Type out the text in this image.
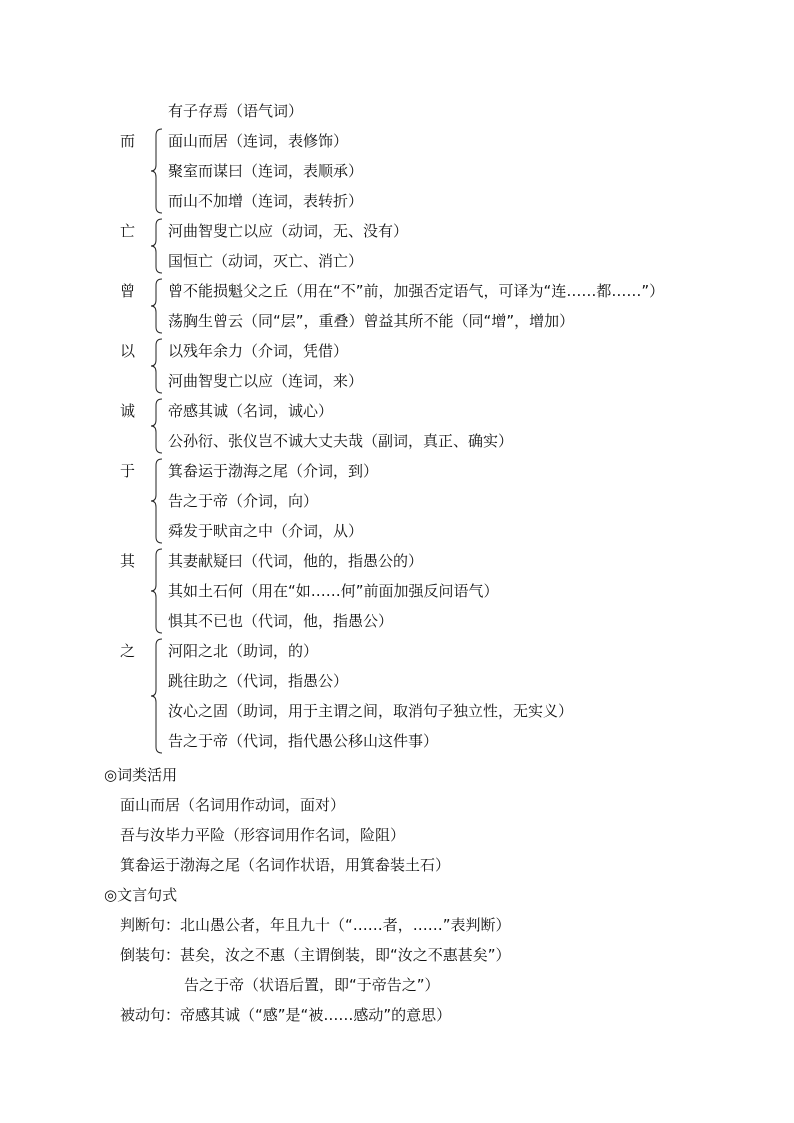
有子存焉（语气词）
而 面山而居（连词，表修饰）
聚室而谋曰（连词，表顺承）
而山不加增（连词，表转折）
亡 河曲智叟亡以应（动词，无、没有）
国恒亡（动词，灭亡、消亡）
曾 曾不能损魁父之丘（用在“不”前，加强否定语气，可译为“连……都……”）
荡胸生曾云（同“层”，重叠）曾益其所不能（同“增”，增加）
以 以残年余力（介词，凭借）
河曲智叟亡以应（连词，来）
诚 帝感其诚（名词，诚心）
公孙衍、张仪岂不诚大丈夫哉（副词，真正、确实）
于 箕畚运于渤海之尾（介词，到）
告之于帝（介词，向）
舜发于畎亩之中（介词，从）
其 其妻献疑曰（代词，他的，指愚公的）
其如土石何（用在“如……何”前面加强反问语气）
惧其不已也（代词，他，指愚公）
之 河阳之北（助词，的）
跳往助之（代词，指愚公）
汝心之固（助词，用于主谓之间，取消句子独立性，无实义）
告之于帝（代词，指代愚公移山这件事）
◎词类活用
面山而居（名词用作动词，面对）
吾与汝毕力平险（形容词用作名词，险阻）
箕畚运于渤海之尾（名词作状语，用箕畚装土石）
◎文言句式
判断句：北山愚公者，年且九十（“……者，……”表判断）
倒装句：甚矣，汝之不惠（主谓倒装，即“汝之不惠甚矣”）
告之于帝（状语后置，即“于帝告之”）
被动句：帝感其诚（“感”是“被……感动”的意思）
